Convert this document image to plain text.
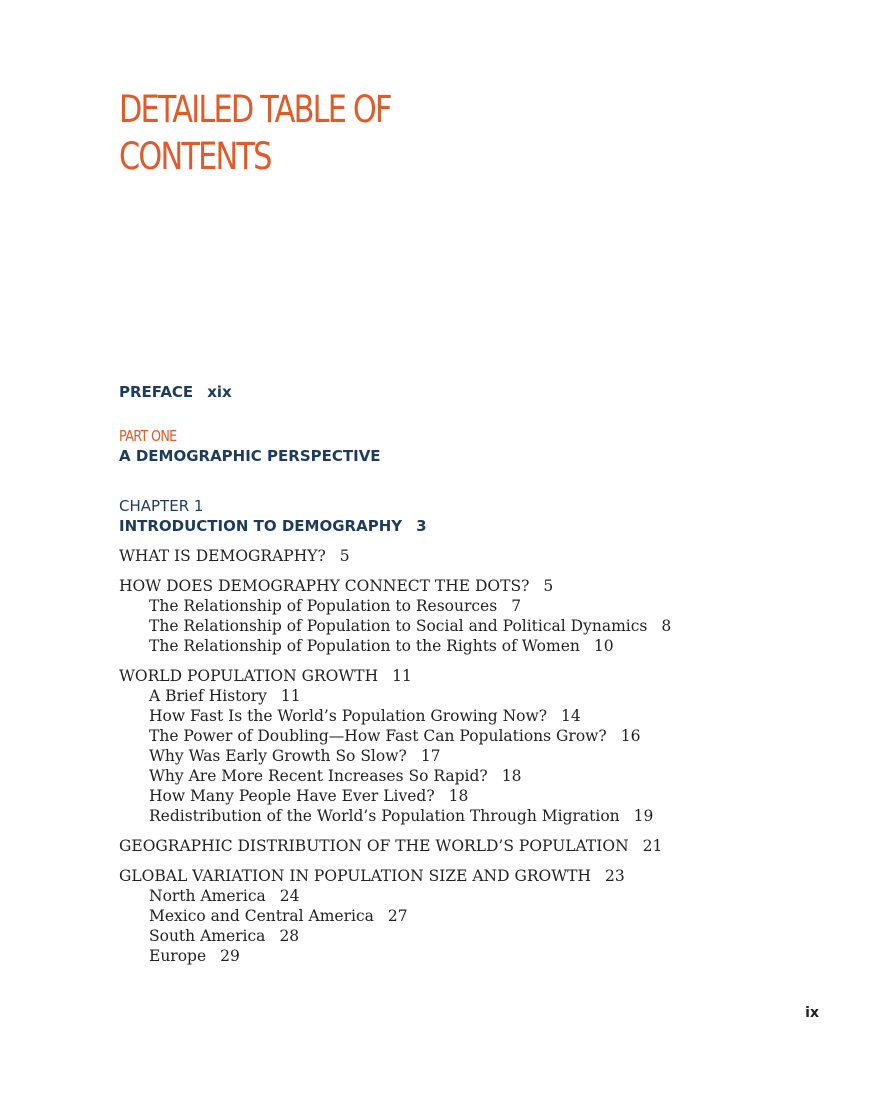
DETAILED TABLE OF
CONTENTS
PREFACE xix
PART ONE
A DEMOGRAPHIC PERSPECTIVE
CHAPTER 1
INTRODUCTION TO DEMOGRAPHY 3
WHAT IS DEMOGRAPHY? 5
HOW DOES DEMOGRAPHY CONNECT THE DOTS? 5
The Relationship of Population to Resources 7
The Relationship of Population to Social and Political Dynamics 8
The Relationship of Population to the Rights of Women 10
WORLD POPULATION GROWTH 11
A Brief History 11
How Fast Is the World’s Population Growing Now? 14
The Power of Doubling—How Fast Can Populations Grow? 16
Why Was Early Growth So Slow? 17
Why Are More Recent Increases So Rapid? 18
How Many People Have Ever Lived? 18
Redistribution of the World’s Population Through Migration 19
GEOGRAPHIC DISTRIBUTION OF THE WORLD’S POPULATION 21
GLOBAL VARIATION IN POPULATION SIZE AND GROWTH 23
North America 24
Mexico and Central America 27
South America 28
Europe 29
ix
